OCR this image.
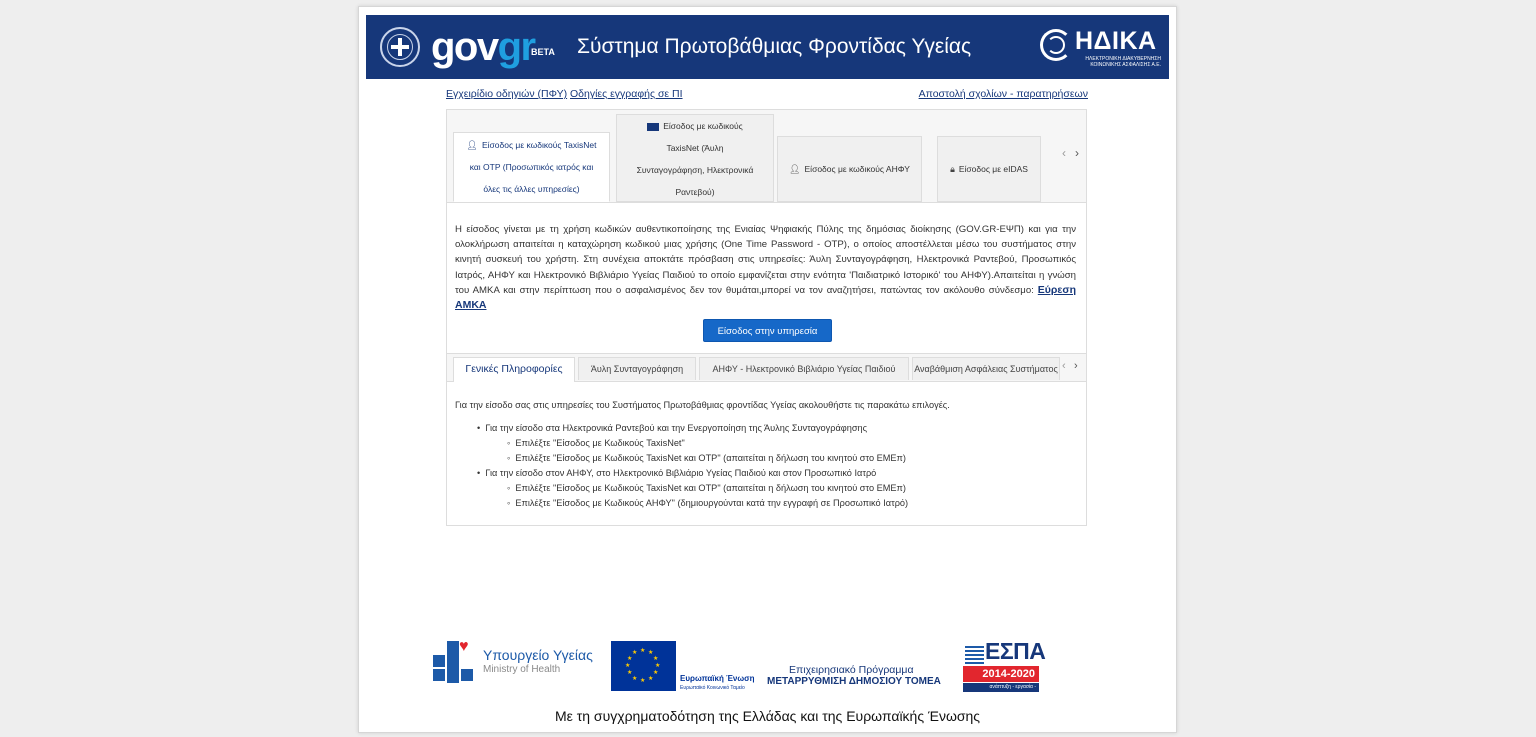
govgr
BETA Σύστημα Πρωτοβάθμιας Φροντίδας Υγείας	ΗΔΙΚΑ
ΗΛΕΚΤΡΟΝΙΚΗ ΔΙΑΚΥΒΕΡΝΗΣΗ ΚΟΙΝΩΝΙΚΗΣ ΑΣΦΑΛΙΣΗΣ Α.Ε.
Εγχειρίδιο οδηγιών (ΠΦΥ) Οδηγίες εγγραφής σε ΠΙ	Αποστολή σχολίων - παρατηρήσεων
👤︎ Είσοδος με κωδικούς TaxisNet
και OTP (Προσωπικός ιατρός και
όλες τις άλλες υπηρεσίες)
Είσοδος με κωδικούς
TaxisNet (Άυλη
Συνταγογράφηση, Ηλεκτρονικά
Ραντεβού)
👤︎ Είσοδος με κωδικούς ΑΗΦΥ	🔒︎ Είσοδος με eIDAS
‹ ›
Η είσοδος γίνεται με τη χρήση κωδικών αυθεντικοποίησης της Ενιαίας Ψηφιακής Πύλης της δημόσιας διοίκησης (GOV.GR-ΕΨΠ) και για την ολοκλήρωση απαιτείται η καταχώρηση κωδικού μιας χρήσης (One Time Password - OTP), ο οποίος αποστέλλεται μέσω του συστήματος στην κινητή συσκευή του χρήστη. Στη συνέχεια αποκτάτε πρόσβαση στις υπηρεσίες: Άυλη Συνταγογράφηση, Ηλεκτρονικά Ραντεβού, Προσωπικός Ιατρός, ΑΗΦΥ και Ηλεκτρονικό Βιβλιάριο Υγείας Παιδιού το οποίο εμφανίζεται στην ενότητα 'Παιδιατρικό Ιστορικό' του ΑΗΦΥ).Απαιτείται η γνώση του ΑΜΚΑ και στην περίπτωση που ο ασφαλισμένος δεν τον θυμάται,μπορεί να τον αναζητήσει, πατώντας τον ακόλουθο σύνδεσμο: Εύρεση ΑΜΚΑ
Είσοδος στην υπηρεσία
Γενικές Πληροφορίες	Άυλη Συνταγογράφηση	ΑΗΦΥ - Ηλεκτρονικό Βιβλιάριο Υγείας Παιδιού	Αναβάθμιση Ασφάλειας Συστήματος ‹ ›
Για την είσοδο σας στις υπηρεσίες του Συστήματος Πρωτοβάθμιας φροντίδας Υγείας ακολουθήστε τις παρακάτω επιλογές.
•  Για την είσοδο στα Ηλεκτρονικά Ραντεβού και την Ενεργοποίηση της Άυλης Συνταγογράφησης
◦  Επιλέξτε "Είσοδος με Κωδικούς TaxisNet"
◦  Επιλέξτε "Είσοδος με Κωδικούς TaxisNet και OTP" (απαιτείται η δήλωση του κινητού στο ΕΜΕπ)
•  Για την είσοδο στον ΑΗΦΥ, στο Ηλεκτρονικό Βιβλιάριο Υγείας Παιδιού και στον Προσωπικό Ιατρό
◦  Επιλέξτε "Είσοδος με Κωδικούς TaxisNet και OTP" (απαιτείται η δήλωση του κινητού στο ΕΜΕπ)
◦  Επιλέξτε "Είσοδος με Κωδικούς ΑΗΦΥ" (δημιουργούνται κατά την εγγραφή σε Προσωπικό Ιατρό)
♥ Υπουργείο Υγείας
Ministry of Health
★ ★
★
★
★
★
★
★
★
★
★
★
Ευρωπαϊκή Ένωση
Ευρωπαϊκό Κοινωνικό Ταμείο
Επιχειρησιακό Πρόγραμμα
ΜΕΤΑΡΡΥΘΜΙΣΗ ΔΗΜΟΣΙΟΥ ΤΟΜΕΑ
ΕΣΠΑ
2014-2020
ανάπτυξη - εργασία - αλληλεγγύη
Με τη συγχρηματοδότηση της Ελλάδας και της Ευρωπαϊκής Ένωσης
